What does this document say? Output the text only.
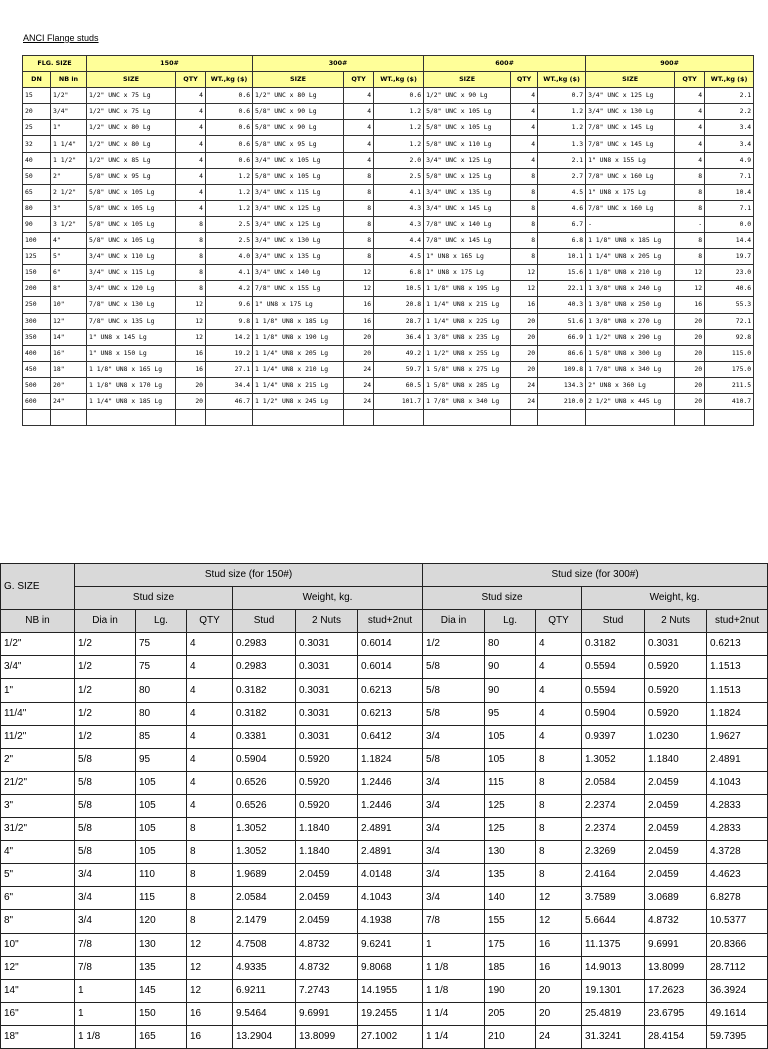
ANCI Flange studs
FLG. SIZE		150#			300#			600#			900#		
DN	NB in	SIZE	QTY	WT.,kg ($)	SIZE	QTY	WT.,kg ($)	SIZE	QTY	WT.,kg ($)	SIZE	QTY	WT.,kg ($)
15	1/2"	1/2" UNC x 75 Lg	4	0.6	1/2" UNC x 80 Lg	4	0.6	1/2" UNC x 90 Lg	4	0.7	3/4" UNC x 125 Lg	4	2.1
20	3/4"	1/2" UNC x 75 Lg	4	0.6	5/8" UNC x 90 Lg	4	1.2	5/8" UNC x 105 Lg	4	1.2	3/4" UNC x 130 Lg	4	2.2
25	1"	1/2" UNC x 80 Lg	4	0.6	5/8" UNC x 90 Lg	4	1.2	5/8" UNC x 105 Lg	4	1.2	7/8" UNC x 145 Lg	4	3.4
32	1 1/4"	1/2" UNC x 80 Lg	4	0.6	5/8" UNC x 95 Lg	4	1.2	5/8" UNC x 110 Lg	4	1.3	7/8" UNC x 145 Lg	4	3.4
40	1 1/2"	1/2" UNC x 85 Lg	4	0.6	3/4" UNC x 105 Lg	4	2.0	3/4" UNC x 125 Lg	4	2.1	1" UN8 x 155 Lg	4	4.9
50	2"	5/8" UNC x 95 Lg	4	1.2	5/8" UNC x 105 Lg	8	2.5	5/8" UNC x 125 Lg	8	2.7	7/8" UNC x 160 Lg	8	7.1
65	2 1/2"	5/8" UNC x 105 Lg	4	1.2	3/4" UNC x 115 Lg	8	4.1	3/4" UNC x 135 Lg	8	4.5	1" UN8 x 175 Lg	8	10.4
80	3"	5/8" UNC x 105 Lg	4	1.2	3/4" UNC x 125 Lg	8	4.3	3/4" UNC x 145 Lg	8	4.6	7/8" UNC x 160 Lg	8	7.1
90	3 1/2"	5/8" UNC x 105 Lg	8	2.5	3/4" UNC x 125 Lg	8	4.3	7/8" UNC x 140 Lg	8	6.7	-	-	0.0
100	4"	5/8" UNC x 105 Lg	8	2.5	3/4" UNC x 130 Lg	8	4.4	7/8" UNC x 145 Lg	8	6.8	1 1/8" UN8 x 185 Lg	8	14.4
125	5"	3/4" UNC x 110 Lg	8	4.0	3/4" UNC x 135 Lg	8	4.5	1" UN8 x 165 Lg	8	10.1	1 1/4" UN8 x 205 Lg	8	19.7
150	6"	3/4" UNC x 115 Lg	8	4.1	3/4" UNC x 140 Lg	12	6.8	1" UN8 x 175 Lg	12	15.6	1 1/8" UN8 x 210 Lg	12	23.0
200	8"	3/4" UNC x 120 Lg	8	4.2	7/8" UNC x 155 Lg	12	10.5	1 1/8" UN8 x 195 Lg	12	22.1	1 3/8" UN8 x 240 Lg	12	40.6
250	10"	7/8" UNC x 130 Lg	12	9.6	1" UN8 x 175 Lg	16	20.8	1 1/4" UN8 x 215 Lg	16	40.3	1 3/8" UN8 x 250 Lg	16	55.3
300	12"	7/8" UNC x 135 Lg	12	9.8	1 1/8" UN8 x 185 Lg	16	28.7	1 1/4" UN8 x 225 Lg	20	51.6	1 3/8" UN8 x 270 Lg	20	72.1
350	14"	1" UN8 x 145 Lg	12	14.2	1 1/8" UN8 x 190 Lg	20	36.4	1 3/8" UN8 x 235 Lg	20	66.9	1 1/2" UN8 x 290 Lg	20	92.8
400	16"	1" UN8 x 150 Lg	16	19.2	1 1/4" UN8 x 205 Lg	20	49.2	1 1/2" UN8 x 255 Lg	20	86.6	1 5/8" UN8 x 300 Lg	20	115.0
450	18"	1 1/8" UN8 x 165 Lg	16	27.1	1 1/4" UN8 x 210 Lg	24	59.7	1 5/8" UN8 x 275 Lg	20	109.8	1 7/8" UN8 x 340 Lg	20	175.0
500	20"	1 1/8" UN8 x 170 Lg	20	34.4	1 1/4" UN8 x 215 Lg	24	60.5	1 5/8" UN8 x 285 Lg	24	134.3	2" UN8 x 360 Lg	20	211.5
600	24"	1 1/4" UN8 x 185 Lg	20	46.7	1 1/2" UN8 x 245 Lg	24	101.7	1 7/8" UN8 x 340 Lg	24	210.0	2 1/2" UN8 x 445 Lg	20	410.7

G. SIZE	Stud size (for 150#)						Stud size (for 300#)					
	Stud size			Weight, kg.			Stud size			Weight, kg.		
NB in	Dia in	Lg.	QTY	Stud	2 Nuts	stud+2nut	Dia in	Lg.	QTY	Stud	2 Nuts	stud+2nut
1/2"	1/2	75	4	0.2983	0.3031	0.6014	1/2	80	4	0.3182	0.3031	0.6213
3/4"	1/2	75	4	0.2983	0.3031	0.6014	5/8	90	4	0.5594	0.5920	1.1513
1"	1/2	80	4	0.3182	0.3031	0.6213	5/8	90	4	0.5594	0.5920	1.1513
11/4"	1/2	80	4	0.3182	0.3031	0.6213	5/8	95	4	0.5904	0.5920	1.1824
11/2"	1/2	85	4	0.3381	0.3031	0.6412	3/4	105	4	0.9397	1.0230	1.9627
2"	5/8	95	4	0.5904	0.5920	1.1824	5/8	105	8	1.3052	1.1840	2.4891
21/2"	5/8	105	4	0.6526	0.5920	1.2446	3/4	115	8	2.0584	2.0459	4.1043
3"	5/8	105	4	0.6526	0.5920	1.2446	3/4	125	8	2.2374	2.0459	4.2833
31/2"	5/8	105	8	1.3052	1.1840	2.4891	3/4	125	8	2.2374	2.0459	4.2833
4"	5/8	105	8	1.3052	1.1840	2.4891	3/4	130	8	2.3269	2.0459	4.3728
5"	3/4	110	8	1.9689	2.0459	4.0148	3/4	135	8	2.4164	2.0459	4.4623
6"	3/4	115	8	2.0584	2.0459	4.1043	3/4	140	12	3.7589	3.0689	6.8278
8"	3/4	120	8	2.1479	2.0459	4.1938	7/8	155	12	5.6644	4.8732	10.5377
10"	7/8	130	12	4.7508	4.8732	9.6241	1	175	16	11.1375	9.6991	20.8366
12"	7/8	135	12	4.9335	4.8732	9.8068	1 1/8	185	16	14.9013	13.8099	28.7112
14"	1	145	12	6.9211	7.2743	14.1955	1 1/8	190	20	19.1301	17.2623	36.3924
16"	1	150	16	9.5464	9.6991	19.2455	1 1/4	205	20	25.4819	23.6795	49.1614
18"	1 1/8	165	16	13.2904	13.8099	27.1002	1 1/4	210	24	31.3241	28.4154	59.7395
